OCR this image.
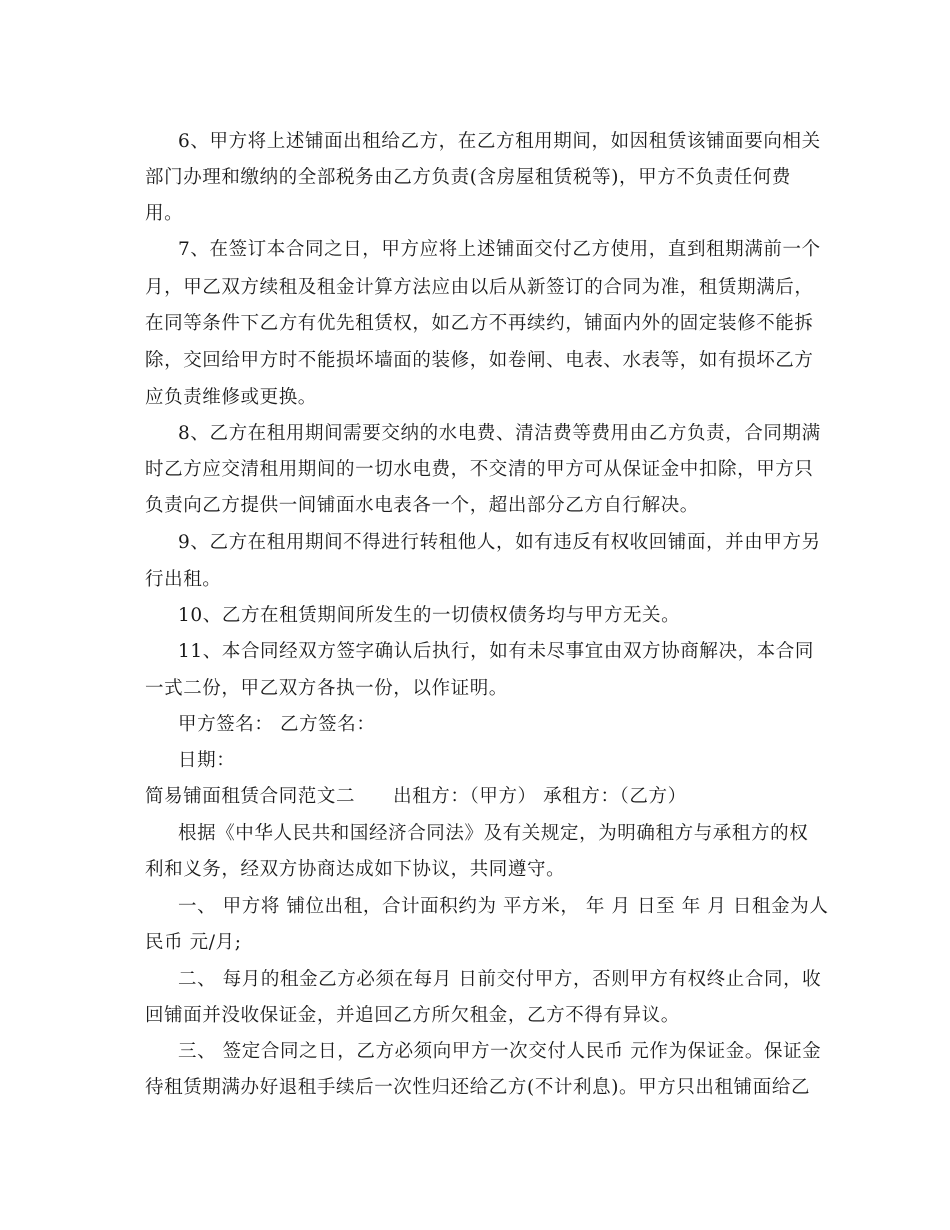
6、甲方将上述铺面出租给乙方，在乙方租用期间，如因租赁该铺面要向相关
部门办理和缴纳的全部税务由乙方负责(含房屋租赁税等)，甲方不负责任何费
用。
7、在签订本合同之日，甲方应将上述铺面交付乙方使用，直到租期满前一个
月，甲乙双方续租及租金计算方法应由以后从新签订的合同为准，租赁期满后，
在同等条件下乙方有优先租赁权，如乙方不再续约，铺面内外的固定装修不能拆
除，交回给甲方时不能损坏墙面的装修，如卷闸、电表、水表等，如有损坏乙方
应负责维修或更换。
8、乙方在租用期间需要交纳的水电费、清洁费等费用由乙方负责，合同期满
时乙方应交清租用期间的一切水电费，不交清的甲方可从保证金中扣除，甲方只
负责向乙方提供一间铺面水电表各一个，超出部分乙方自行解决。
9、乙方在租用期间不得进行转租他人，如有违反有权收回铺面，并由甲方另
行出租。
10、乙方在租赁期间所发生的一切债权债务均与甲方无关。
11、本合同经双方签字确认后执行，如有未尽事宜由双方协商解决，本合同
一式二份，甲乙双方各执一份，以作证明。
甲方签名： 乙方签名：
日期：
简易铺面租赁合同范文二 出租方：（甲方） 承租方：（乙方）
根据《中华人民共和国经济合同法》及有关规定，为明确租方与承租方的权
利和义务，经双方协商达成如下协议，共同遵守。
一、 甲方将 铺位出租，合计面积约为 平方米， 年 月 日至 年 月 日租金为人
民币 元/月;
二、 每月的租金乙方必须在每月 日前交付甲方，否则甲方有权终止合同，收
回铺面并没收保证金，并追回乙方所欠租金，乙方不得有异议。
三、 签定合同之日，乙方必须向甲方一次交付人民币 元作为保证金。保证金
待租赁期满办好退租手续后一次性归还给乙方(不计利息)。甲方只出租铺面给乙
